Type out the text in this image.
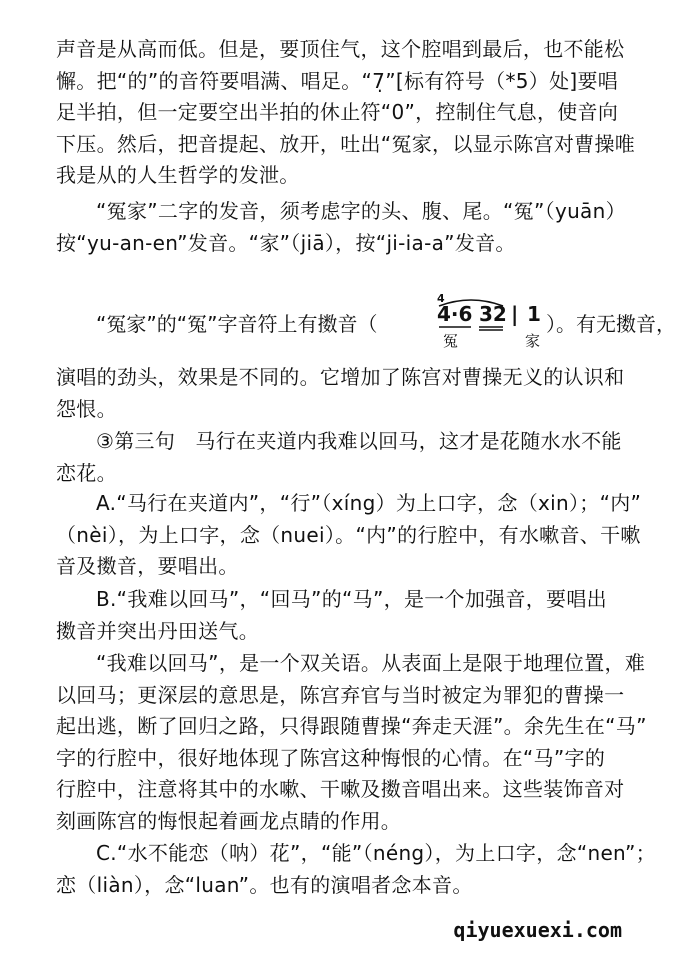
声音是从高而低。但是，要顶住气，这个腔唱到最后，也不能松
懈。把“的”的音符要唱满、唱足。“7̣”[标有符号（*5）处]要唱
足半拍，但一定要空出半拍的休止符“0”，控制住气息，使音向
下压。然后，把音提起、放开，吐出“冤家，以显示陈宫对曹操唯
我是从的人生哲学的发泄。
“冤家”二字的发音，须考虑字的头、腹、尾。“冤”（yuān）
按“yu-an-en”发音。“家”（jiā），按“ji-ia-a”发音。
“冤家”的“冤”字音符上有擞音（
4
4·6 32 | 1
冤	家
）。有无擞音，
演唱的劲头，效果是不同的。它增加了陈宫对曹操无义的认识和
怨恨。
③第三句　马行在夹道内我难以回马，这才是花随水水不能
恋花。
A.“马行在夹道内”，“行”（xíng）为上口字，念（xin）；“内”
（nèi），为上口字，念（nuei）。“内”的行腔中，有水嗽音、干嗽
音及擞音，要唱出。
B.“我难以回马”，“回马”的“马”，是一个加强音，要唱出
擞音并突出丹田送气。
“我难以回马”，是一个双关语。从表面上是限于地理位置，难
以回马；更深层的意思是，陈宫弃官与当时被定为罪犯的曹操一
起出逃，断了回归之路，只得跟随曹操“奔走天涯”。余先生在“马”
字的行腔中，很好地体现了陈宫这种悔恨的心情。在“马”字的
行腔中，注意将其中的水嗽、干嗽及擞音唱出来。这些装饰音对
刻画陈宫的悔恨起着画龙点睛的作用。
C.“水不能恋（呐）花”，“能”（néng），为上口字，念“nen”；
恋（liàn），念“luan”。也有的演唱者念本音。
qiyuexuexi.com
